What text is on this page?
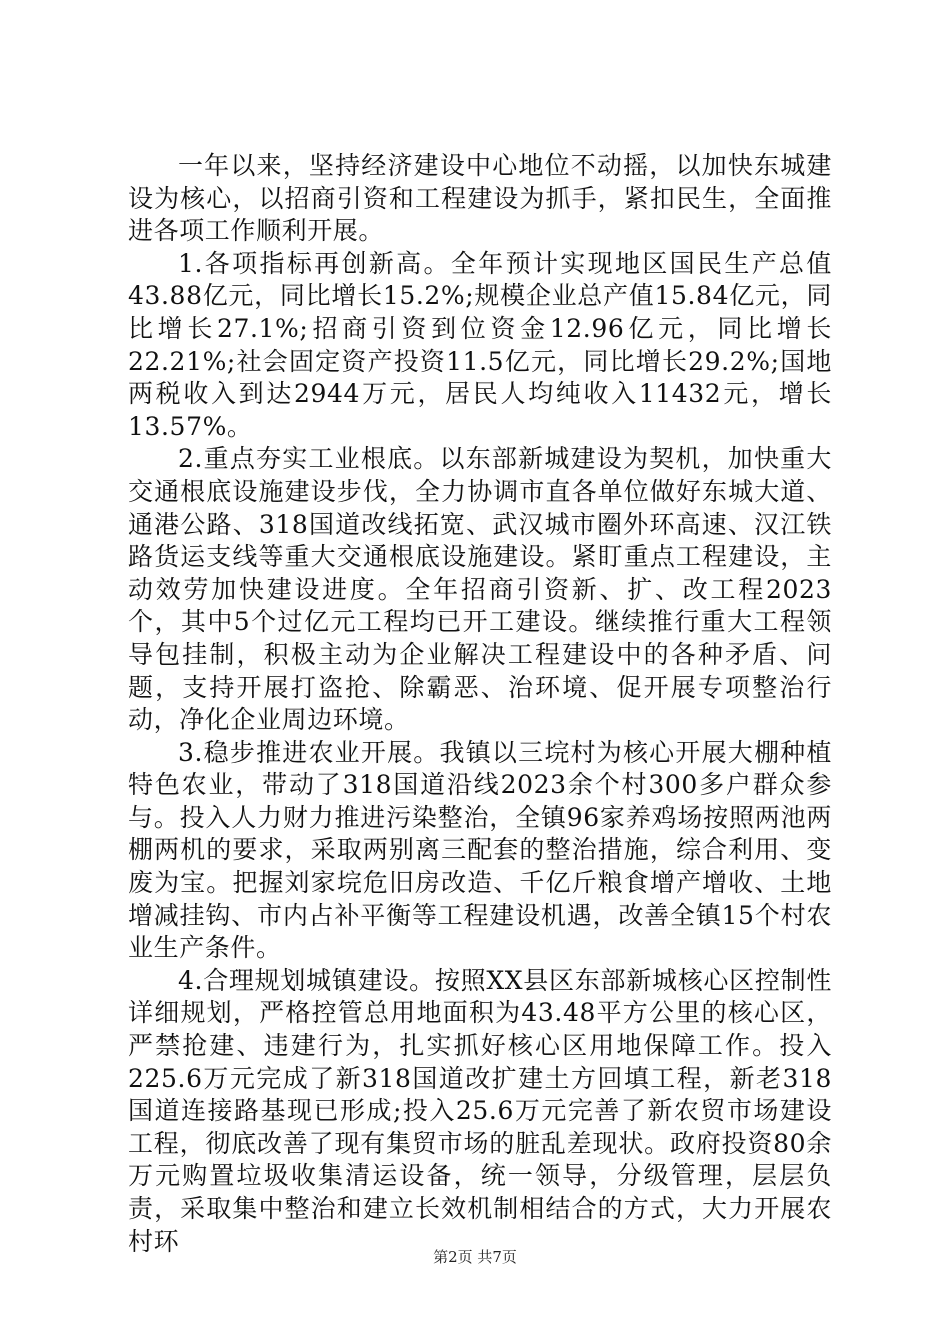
一年以来，坚持经济建设中心地位不动摇，以加快东城建设为核心，以招商引资和工程建设为抓手，紧扣民生，全面推进各项工作顺利开展。

1.各项指标再创新高。全年预计实现地区国民生产总值43.88亿元，同比增长15.2%;规模企业总产值15.84亿元，同比增长27.1%;招商引资到位资金12.96亿元，同比增长22.21%;社会固定资产投资11.5亿元，同比增长29.2%;国地两税收入到达2944万元，居民人均纯收入11432元，增长13.57%。

2.重点夯实工业根底。以东部新城建设为契机，加快重大交通根底设施建设步伐，全力协调市直各单位做好东城大道、通港公路、318国道改线拓宽、武汉城市圈外环高速、汉江铁路货运支线等重大交通根底设施建设。紧盯重点工程建设，主动效劳加快建设进度。全年招商引资新、扩、改工程2023个，其中5个过亿元工程均已开工建设。继续推行重大工程领导包挂制，积极主动为企业解决工程建设中的各种矛盾、问题，支持开展打盗抢、除霸恶、治环境、促开展专项整治行动，净化企业周边环境。

3.稳步推进农业开展。我镇以三垸村为核心开展大棚种植特色农业，带动了318国道沿线2023余个村300多户群众参与。投入人力财力推进污染整治，全镇96家养鸡场按照两池两棚两机的要求，采取两别离三配套的整治措施，综合利用、变废为宝。把握刘家垸危旧房改造、千亿斤粮食增产增收、土地增减挂钩、市内占补平衡等工程建设机遇，改善全镇15个村农业生产条件。

4.合理规划城镇建设。按照XX县区东部新城核心区控制性详细规划，严格控管总用地面积为43.48平方公里的核心区，严禁抢建、违建行为，扎实抓好核心区用地保障工作。投入225.6万元完成了新318国道改扩建土方回填工程，新老318国道连接路基现已形成;投入25.6万元完善了新农贸市场建设工程，彻底改善了现有集贸市场的脏乱差现状。政府投资80余万元购置垃圾收集清运设备，统一领导，分级管理，层层负责，采取集中整治和建立长效机制相结合的方式，大力开展农村环

第2页 共7页
